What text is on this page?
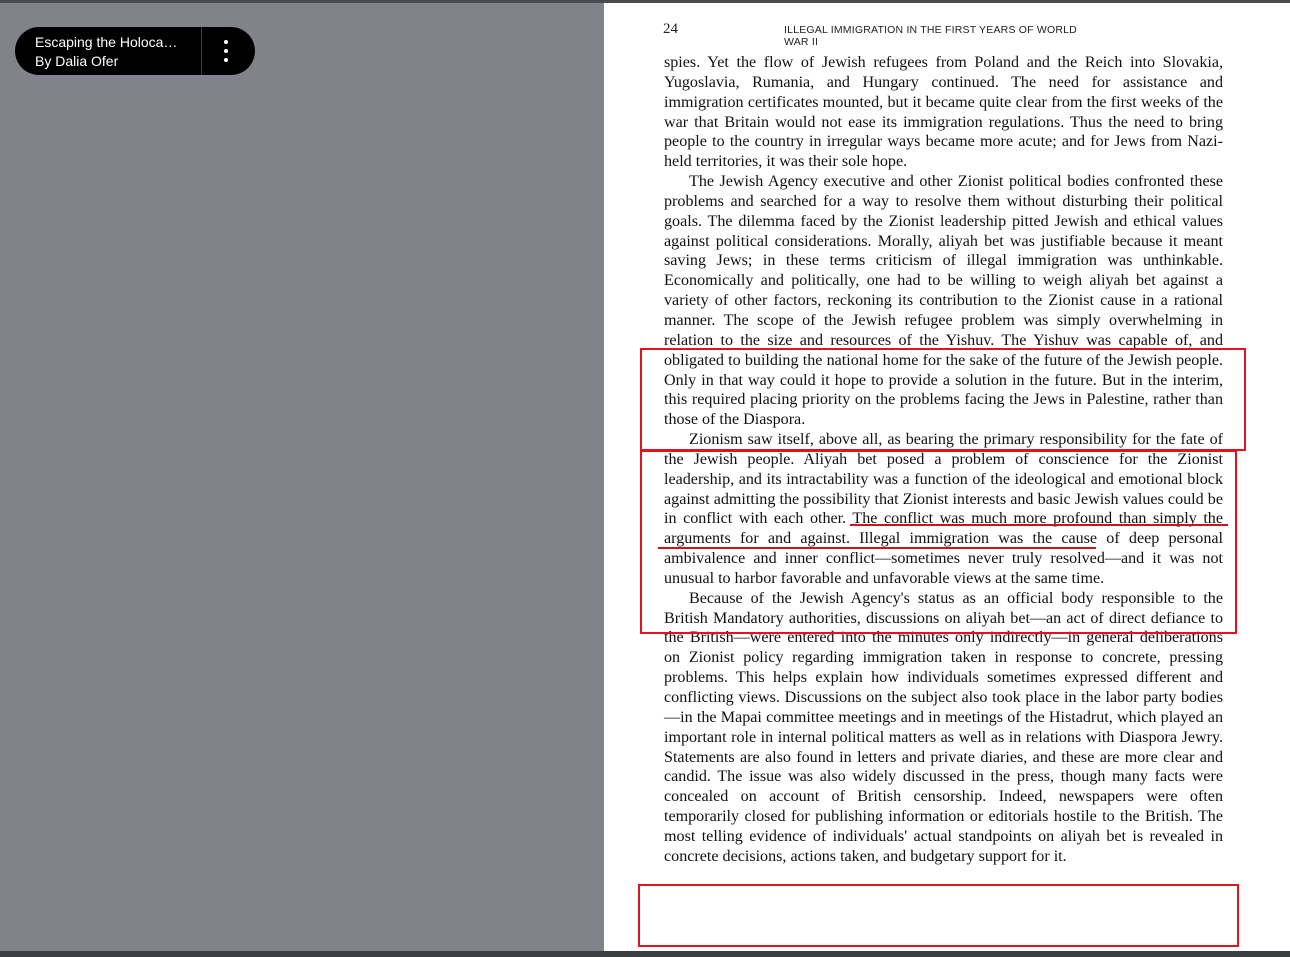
Escaping the Holoca…
By Dalia Ofer
24	ILLEGAL IMMIGRATION IN THE FIRST YEARS OF WORLD WAR II

spies. Yet the flow of Jewish refugees from Poland and the Reich into Slovakia, Yugoslavia, Rumania, and Hungary continued. The need for assistance and immigration certificates mounted, but it became quite clear from the first weeks of the war that Britain would not ease its immigration regulations. Thus the need to bring people to the country in irregular ways became more acute; and for Jews from Nazi-held territories, it was their sole hope.

The Jewish Agency executive and other Zionist political bodies confronted these problems and searched for a way to resolve them without disturbing their political goals. The dilemma faced by the Zionist leadership pitted Jewish and ethical values against political considerations. Morally, aliyah bet was justifiable because it meant saving Jews; in these terms criticism of illegal immigration was unthinkable. Economically and politically, one had to be willing to weigh aliyah bet against a variety of other factors, reckoning its contribution to the Zionist cause in a rational manner. The scope of the Jewish refugee problem was simply overwhelming in relation to the size and resources of the Yishuv. The Yishuv was capable of, and obligated to building the national home for the sake of the future of the Jewish people. Only in that way could it hope to provide a solution in the future. But in the interim, this required placing priority on the problems facing the Jews in Palestine, rather than those of the Diaspora.

Zionism saw itself, above all, as bearing the primary responsibility for the fate of the Jewish people. Aliyah bet posed a problem of conscience for the Zionist leadership, and its intractability was a function of the ideological and emotional block against admitting the possibility that Zionist interests and basic Jewish values could be in conflict with each other. The conflict was much more profound than simply the arguments for and against. Illegal immigration was the cause of deep personal ambivalence and inner conflict—sometimes never truly resolved—and it was not unusual to harbor favorable and unfavorable views at the same time.

Because of the Jewish Agency's status as an official body responsible to the British Mandatory authorities, discussions on aliyah bet—an act of direct defiance to the British—were entered into the minutes only indirectly—in general deliberations on Zionist policy regarding immigration taken in response to concrete, pressing problems. This helps explain how individuals sometimes expressed different and conflicting views. Discussions on the subject also took place in the labor party bodies—in the Mapai committee meetings and in meetings of the Histadrut, which played an important role in internal political matters as well as in relations with Diaspora Jewry. Statements are also found in letters and private diaries, and these are more clear and candid. The issue was also widely discussed in the press, though many facts were concealed on account of British censorship. Indeed, newspapers were often temporarily closed for publishing information or editorials hostile to the British. The most telling evidence of individuals' actual standpoints on aliyah bet is revealed in concrete decisions, actions taken, and budgetary support for it.
